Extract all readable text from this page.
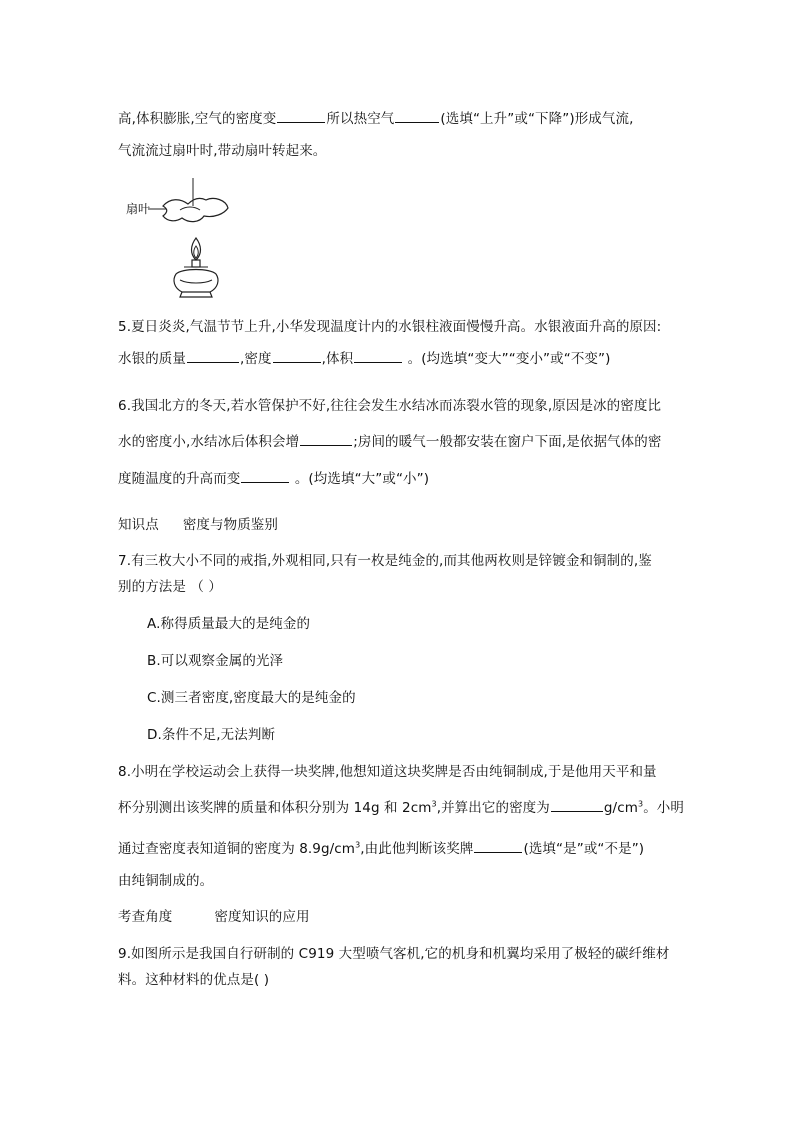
高,体积膨胀,空气的密度变	所以热空气	(选填“上升”或“下降”)形成气流,
气流流过扇叶时,带动扇叶转起来。
扇叶
5.夏日炎炎,气温节节上升,小华发现温度计内的水银柱液面慢慢升高。水银液面升高的原因:
水银的质量	,密度	,体积	。(均选填“变大”“变小”或“不变”)
6.我国北方的冬天,若水管保护不好,往往会发生水结冰而冻裂水管的现象,原因是冰的密度比
水的密度小,水结冰后体积会增	;房间的暖气一般都安装在窗户下面,是依据气体的密
度随温度的升高而变	。(均选填“大”或“小”)
知识点 密度与物质鉴别
7.有三枚大小不同的戒指,外观相同,只有一枚是纯金的,而其他两枚则是锌镀金和铜制的,鉴
别的方法是 （ ）
A.称得质量最大的是纯金的
B.可以观察金属的光泽
C.测三者密度,密度最大的是纯金的
D.条件不足,无法判断
8.小明在学校运动会上获得一块奖牌,他想知道这块奖牌是否由纯铜制成,于是他用天平和量
杯分别测出该奖牌的质量和体积分别为 14g 和 $2cm^3$,并算出它的密度为	$g/cm^3$。小明
通过查密度表知道铜的密度为 $8.9g/cm^3$,由此他判断该奖牌	(选填“是”或“不是”)
由纯铜制成的。
考查角度	密度知识的应用
9.如图所示是我国自行研制的 C919 大型喷气客机,它的机身和机翼均采用了极轻的碳纤维材
料。这种材料的优点是( )
